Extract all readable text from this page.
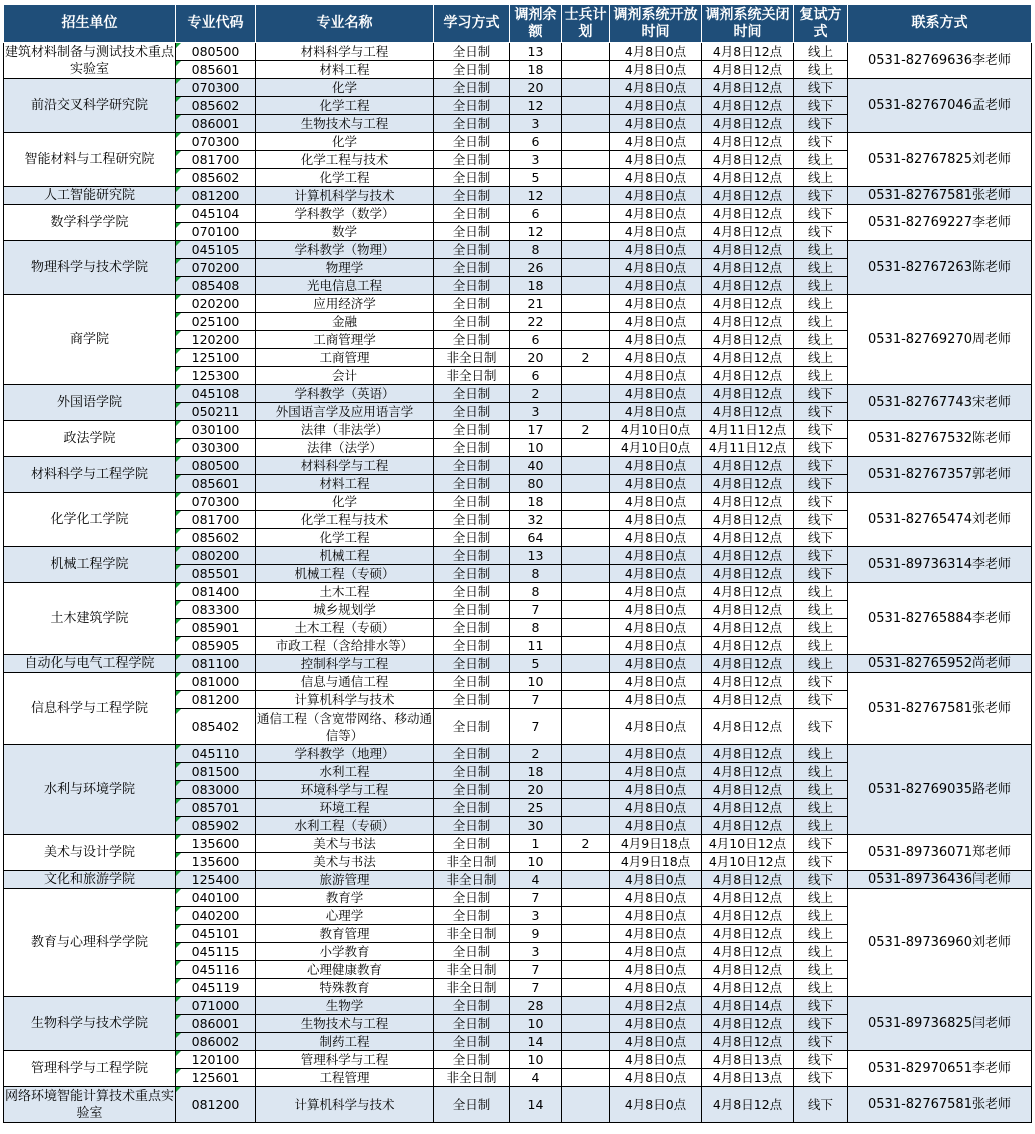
招生单位	专业代码	专业名称	学习方式	调剂余额	士兵计划	调剂系统开放时间	调剂系统关闭时间	复试方式	联系方式
建筑材料制备与测试技术重点实验室	080500	材料科学与工程	全日制	13		4月8日0点	4月8日12点	线上	0531-82769636李老师
	085601	材料工程	全日制	18		4月8日0点	4月8日12点	线上	
前沿交叉科学研究院	070300	化学	全日制	20		4月8日0点	4月8日12点	线下	0531-82767046孟老师
	085602	化学工程	全日制	12		4月8日0点	4月8日12点	线下	
	086001	生物技术与工程	全日制	3		4月8日0点	4月8日12点	线下	
智能材料与工程研究院	070300	化学	全日制	6		4月8日0点	4月8日12点	线下	0531-82767825刘老师
	081700	化学工程与技术	全日制	3		4月8日0点	4月8日12点	线上	
	085602	化学工程	全日制	5		4月8日0点	4月8日12点	线上	
人工智能研究院	081200	计算机科学与技术	全日制	12		4月8日0点	4月8日12点	线下	0531-82767581张老师
数学科学学院	045104	学科教学（数学）	全日制	6		4月8日0点	4月8日12点	线下	0531-82769227李老师
	070100	数学	全日制	12		4月8日0点	4月8日12点	线下	
物理科学与技术学院	045105	学科教学（物理）	全日制	8		4月8日0点	4月8日12点	线上	0531-82767263陈老师
	070200	物理学	全日制	26		4月8日0点	4月8日12点	线上	
	085408	光电信息工程	全日制	18		4月8日0点	4月8日12点	线上	
商学院	020200	应用经济学	全日制	21		4月8日0点	4月8日12点	线上	0531-82769270周老师
	025100	金融	全日制	22		4月8日0点	4月8日12点	线上	
	120200	工商管理学	全日制	6		4月8日0点	4月8日12点	线上	
	125100	工商管理	非全日制	20	2	4月8日0点	4月8日12点	线上	
	125300	会计	非全日制	6		4月8日0点	4月8日12点	线上	
外国语学院	045108	学科教学（英语）	全日制	2		4月8日0点	4月8日12点	线下	0531-82767743宋老师
	050211	外国语言学及应用语言学	全日制	3		4月8日0点	4月8日12点	线下	
政法学院	030100	法律（非法学）	全日制	17	2	4月10日0点	4月11日12点	线下	0531-82767532陈老师
	030300	法律（法学）	全日制	10		4月10日0点	4月11日12点	线下	
材料科学与工程学院	080500	材料科学与工程	全日制	40		4月8日0点	4月8日12点	线下	0531-82767357郭老师
	085601	材料工程	全日制	80		4月8日0点	4月8日12点	线下	
化学化工学院	070300	化学	全日制	18		4月8日0点	4月8日12点	线下	0531-82765474刘老师
	081700	化学工程与技术	全日制	32		4月8日0点	4月8日12点	线下	
	085602	化学工程	全日制	64		4月8日0点	4月8日12点	线下	
机械工程学院	080200	机械工程	全日制	13		4月8日0点	4月8日12点	线下	0531-89736314李老师
	085501	机械工程（专硕）	全日制	8		4月8日0点	4月8日12点	线下	
土木建筑学院	081400	土木工程	全日制	8		4月8日0点	4月8日12点	线上	0531-82765884李老师
	083300	城乡规划学	全日制	7		4月8日0点	4月8日12点	线上	
	085901	土木工程（专硕）	全日制	8		4月8日0点	4月8日12点	线上	
	085905	市政工程（含给排水等）	全日制	11		4月8日0点	4月8日12点	线上	
自动化与电气工程学院	081100	控制科学与工程	全日制	5		4月8日0点	4月8日12点	线上	0531-82765952尚老师
信息科学与工程学院	081000	信息与通信工程	全日制	10		4月8日0点	4月8日12点	线下	0531-82767581张老师
	081200	计算机科学与技术	全日制	7		4月8日0点	4月8日12点	线下	
	085402	通信工程（含宽带网络、移动通信等）	全日制	7		4月8日0点	4月8日12点	线下	
水利与环境学院	045110	学科教学（地理）	全日制	2		4月8日0点	4月8日12点	线上	0531-82769035路老师
	081500	水利工程	全日制	18		4月8日0点	4月8日12点	线上	
	083000	环境科学与工程	全日制	20		4月8日0点	4月8日12点	线上	
	085701	环境工程	全日制	25		4月8日0点	4月8日12点	线上	
	085902	水利工程（专硕）	全日制	30		4月8日0点	4月8日12点	线上	
美术与设计学院	135600	美术与书法	全日制	1	2	4月9日18点	4月10日12点	线下	0531-89736071郑老师
	135600	美术与书法	非全日制	10		4月9日18点	4月10日12点	线下	
文化和旅游学院	125400	旅游管理	非全日制	4		4月8日0点	4月8日12点	线下	0531-89736436闫老师
教育与心理科学学院	040100	教育学	全日制	7		4月8日0点	4月8日12点	线上	0531-89736960刘老师
	040200	心理学	全日制	3		4月8日0点	4月8日12点	线上	
	045101	教育管理	非全日制	9		4月8日0点	4月8日12点	线上	
	045115	小学教育	全日制	3		4月8日0点	4月8日12点	线上	
	045116	心理健康教育	非全日制	7		4月8日0点	4月8日12点	线上	
	045119	特殊教育	非全日制	7		4月8日0点	4月8日12点	线上	
生物科学与技术学院	071000	生物学	全日制	28		4月8日2点	4月8日14点	线下	0531-89736825闫老师
	086001	生物技术与工程	全日制	10		4月8日0点	4月8日12点	线下	
	086002	制药工程	全日制	14		4月8日0点	4月8日12点	线下	
管理科学与工程学院	120100	管理科学与工程	全日制	10		4月8日0点	4月8日13点	线下	0531-82970651李老师
	125601	工程管理	非全日制	4		4月8日0点	4月8日13点	线下	
网络环境智能计算技术重点实验室	081200	计算机科学与技术	全日制	14		4月8日0点	4月8日12点	线下	0531-82767581张老师
